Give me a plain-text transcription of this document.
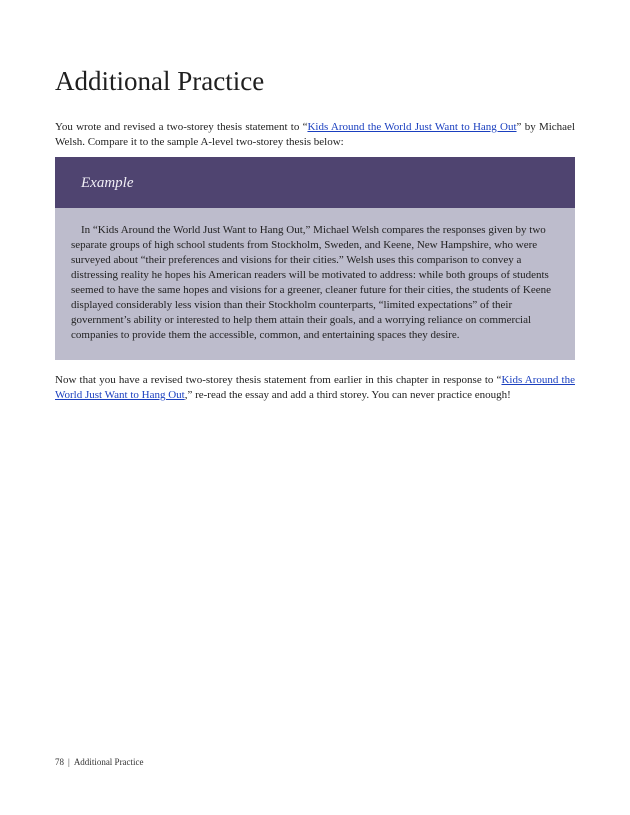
Additional Practice

You wrote and revised a two-storey thesis statement to “Kids Around the World Just Want to Hang Out” by Michael Welsh. Compare it to the sample A-level two-storey thesis below:

Example

In “Kids Around the World Just Want to Hang Out,” Michael Welsh compares the responses given by two separate groups of high school students from Stockholm, Sweden, and Keene, New Hampshire, who were surveyed about “their preferences and visions for their cities.” Welsh uses this comparison to convey a distressing reality he hopes his American readers will be motivated to address: while both groups of students seemed to have the same hopes and visions for a greener, cleaner future for their cities, the students of Keene displayed considerably less vision than their Stockholm counterparts, “limited expectations” of their government’s ability or interested to help them attain their goals, and a worrying reliance on commercial companies to provide them the accessible, common, and entertaining spaces they desire.

Now that you have a revised two-storey thesis statement from earlier in this chapter in response to “Kids Around the World Just Want to Hang Out,” re-read the essay and add a third storey. You can never practice enough!

78 | Additional Practice
